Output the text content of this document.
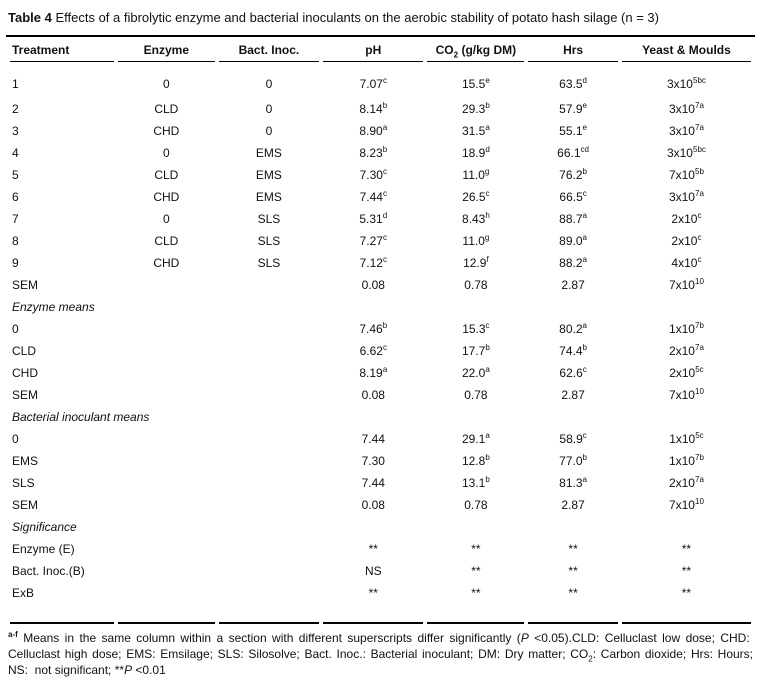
Table 4 Effects of a fibrolytic enzyme and bacterial inoculants on the aerobic stability of potato hash silage (n = 3)

Treatment	Enzyme	Bact. Inoc.	pH	$CO_2$ (g/kg DM)	Hrs	Yeast & Moulds
1	0	0	7.07$^c$	15.5e	63.5$^d$	$3x10^{5bc}$
2	CLD	0	8.14$^b$	29.3$^b$	57.9e	$3x10^{7a}$
3	CHD	0	8.90$^a$	31.5$^a$	55.1e	$3x10^{7a}$
4	0	EMS	8.23$^b$	18.9$^d$	66.1$^{cd}$	$3x10^{5bc}$
5	CLD	EMS	7.30$^c$	11.0$^g$	76.2$^b$	$7x10^{5b}$
6	CHD	EMS	7.44$^c$	26.5$^c$	66.5$^c$	$3x10^{7a}$
7	0	SLS	5.31$^d$	8.43$^h$	88.7$^a$	2x10$^c$
8	CLD	SLS	7.27$^c$	11.0$^g$	89.0$^a$	2x10$^c$
9	CHD	SLS	7.12$^c$	12.9$^f$	88.2$^a$	4x10$^c$
SEM			0.08	0.78	2.87	$7x10^{10}$
Enzyme means						
0			7.46$^b$	15.3$^c$	80.2$^a$	$1x10^{7b}$
CLD			6.62$^c$	17.7$^b$	74.4$^b$	$2x10^{7a}$
CHD			8.19$^a$	22.0$^a$	62.6$^c$	$2x10^{5c}$
SEM			0.08	0.78	2.87	$7x10^{10}$
Bacterial inoculant means						
0			7.44	29.1$^a$	58.9$^c$	$1x10^{5c}$
EMS			7.30	12.8$^b$	77.0$^b$	$1x10^{7b}$
SLS			7.44	13.1$^b$	81.3$^a$	$2x10^{7a}$
SEM			0.08	0.78	2.87	$7x10^{10}$
Significance						
Enzyme (E)			**	**	**	**
Bact. Inoc.(B)			NS	**	**	**
ExB			**	**	**	**

$^{a-f}$ Means in the same column within a section with different superscripts differ significantly (P <0.05).CLD: Celluclast low dose; CHD:  Celluclast high dose; EMS: Emsilage; SLS: Silosolve; Bact. Inoc.: Bacterial inoculant; DM: Dry matter; $CO_2$: Carbon dioxide; Hrs: Hours; NS:  not significant; **P <0.01
